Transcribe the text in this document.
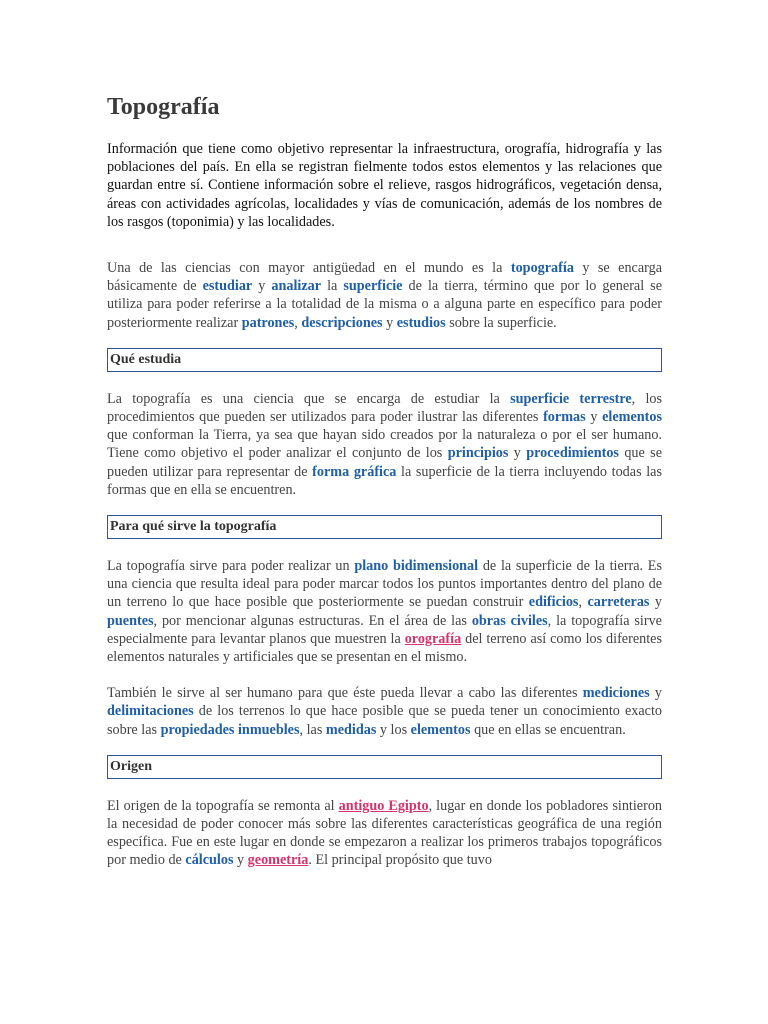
Topografía

Información que tiene como objetivo representar la infraestructura, orografía, hidrografía y las poblaciones del país. En ella se registran fielmente todos estos elementos y las relaciones que guardan entre sí. Contiene información sobre el relieve, rasgos hidrográficos, vegetación densa, áreas con actividades agrícolas, localidades y vías de comunicación, además de los nombres de los rasgos (toponimia) y las localidades.

Una de las ciencias con mayor antigüedad en el mundo es la topografía y se encarga básicamente de estudiar y analizar la superficie de la tierra, término que por lo general se utiliza para poder referirse a la totalidad de la misma o a alguna parte en específico para poder posteriormente realizar patrones, descripciones y estudios sobre la superficie.

Qué estudia

La topografía es una ciencia que se encarga de estudiar la superficie terrestre, los procedimientos que pueden ser utilizados para poder ilustrar las diferentes formas y elementos que conforman la Tierra, ya sea que hayan sido creados por la naturaleza o por el ser humano. Tiene como objetivo el poder analizar el conjunto de los principios y procedimientos que se pueden utilizar para representar de forma gráfica la superficie de la tierra incluyendo todas las formas que en ella se encuentren.

Para qué sirve la topografía

La topografía sirve para poder realizar un plano bidimensional de la superficie de la tierra. Es una ciencia que resulta ideal para poder marcar todos los puntos importantes dentro del plano de un terreno lo que hace posible que posteriormente se puedan construir edificios, carreteras y puentes, por mencionar algunas estructuras. En el área de las obras civiles, la topografía sirve especialmente para levantar planos que muestren la orografía del terreno así como los diferentes elementos naturales y artificiales que se presentan en el mismo.

También le sirve al ser humano para que éste pueda llevar a cabo las diferentes mediciones y delimitaciones de los terrenos lo que hace posible que se pueda tener un conocimiento exacto sobre las propiedades inmuebles, las medidas y los elementos que en ellas se encuentran.

Origen

El origen de la topografía se remonta al antiguo Egipto, lugar en donde los pobladores sintieron la necesidad de poder conocer más sobre las diferentes características geográfica de una región específica. Fue en este lugar en donde se empezaron a realizar los primeros trabajos topográficos por medio de cálculos y geometría. El principal propósito que tuvo
